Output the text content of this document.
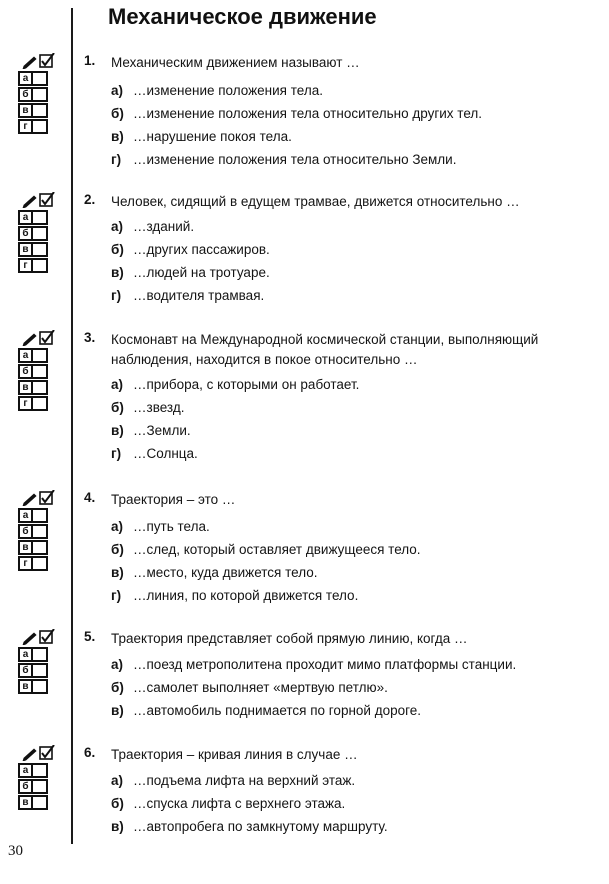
Механическое движение
а
б
в
г
1. Механическим движением называют …
а) …изменение положения тела.
б) …изменение положения тела относительно других тел.
в) …нарушение покоя тела.
г) …изменение положения тела относительно Земли.
а
б
в
г
2. Человек, сидящий в едущем трамвае, движется относительно …
а) …зданий.
б) …других пассажиров.
в) …людей на тротуаре.
г) …водителя трамвая.
а
б
в
г
3. Космонавт на Международной космической станции, выполняющий наблюдения, находится в покое относительно …
а) …прибора, с которыми он работает.
б) …звезд.
в) …Земли.
г) …Солнца.
а
б
в
г
4. Траектория – это …
а) …путь тела.
б) …след, который оставляет движущееся тело.
в) …место, куда движется тело.
г) …линия, по которой движется тело.
а
б
в
5. Траектория представляет собой прямую линию, когда …
а) …поезд метрополитена проходит мимо платформы станции.
б) …самолет выполняет «мертвую петлю».
в) …автомобиль поднимается по горной дороге.
а
б
в
6. Траектория – кривая линия в случае …
а) …подъема лифта на верхний этаж.
б) …спуска лифта с верхнего этажа.
в) …автопробега по замкнутому маршруту.
30
